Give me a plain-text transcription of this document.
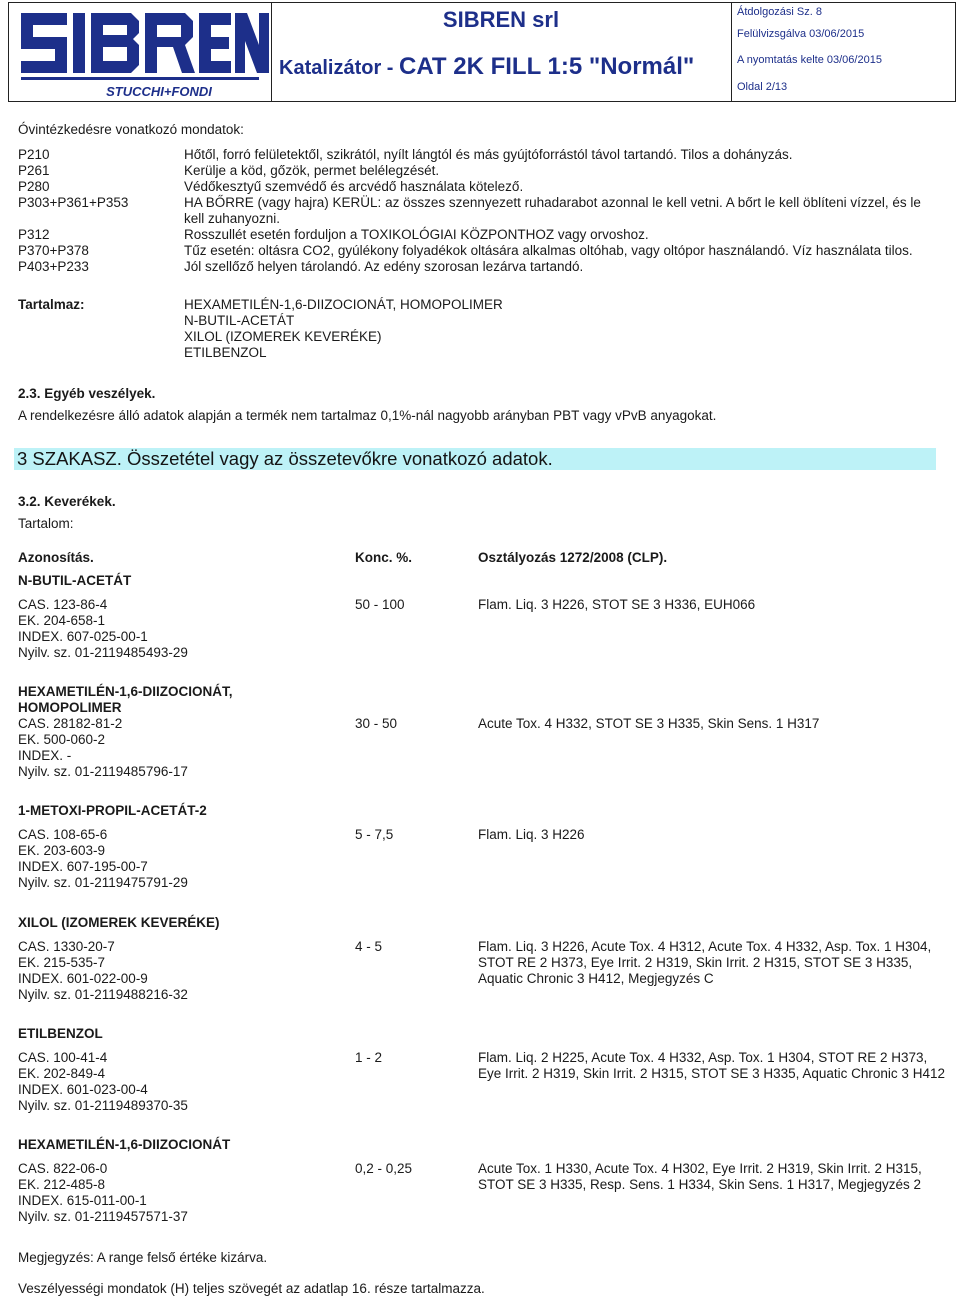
STUCCHI+FONDI
SIBREN srl
Katalizátor - CAT 2K FILL 1:5 "Normál"
Átdolgozási Sz. 8
Felülvizsgálva 03/06/2015
A nyomtatás kelte 03/06/2015
Oldal 2/13
Óvintézkedésre vonatkozó mondatok:
P210	Hőtől, forró felületektől, szikrától, nyílt lángtól és más gyújtóforrástól távol tartandó. Tilos a dohányzás.
P261	Kerülje a köd, gőzök, permet belélegzését.
P280	Védőkesztyű szemvédő és arcvédő használata kötelező.
P303+P361+P353	HA BŐRRE (vagy hajra) KERÜL: az összes szennyezett ruhadarabot azonnal le kell vetni. A bőrt le kell öblíteni vízzel, és le kell zuhanyozni.
P312	Rosszullét esetén forduljon a TOXIKOLÓGIAI KÖZPONTHOZ vagy orvoshoz.
P370+P378	Tűz esetén: oltásra CO2, gyúlékony folyadékok oltására alkalmas oltóhab, vagy oltópor használandó. Víz használata tilos.
P403+P233	Jól szellőző helyen tárolandó. Az edény szorosan lezárva tartandó.
Tartalmaz:	HEXAMETILÉN-1,6-DIIZOCIONÁT, HOMOPOLIMER
N-BUTIL-ACETÁT
XILOL (IZOMEREK KEVERÉKE)
ETILBENZOL
2.3. Egyéb veszélyek.
A rendelkezésre álló adatok alapján a termék nem tartalmaz 0,1%-nál nagyobb arányban PBT vagy vPvB anyagokat.
3 SZAKASZ. Összetétel vagy az összetevőkre vonatkozó adatok.
3.2. Keverékek.
Tartalom:
Azonosítás.	Konc. %.	Osztályozás 1272/2008 (CLP).
N-BUTIL-ACETÁT
CAS. 123-86-4
EK. 204-658-1
INDEX. 607-025-00-1
Nyilv. sz. 01-2119485493-29
50 - 100	Flam. Liq. 3 H226, STOT SE 3 H336, EUH066
HEXAMETILÉN-1,6-DIIZOCIONÁT,
HOMOPOLIMER
CAS. 28182-81-2
EK. 500-060-2
INDEX. -
Nyilv. sz. 01-2119485796-17
30 - 50	Acute Tox. 4 H332, STOT SE 3 H335, Skin Sens. 1 H317
1-METOXI-PROPIL-ACETÁT-2
CAS. 108-65-6
EK. 203-603-9
INDEX. 607-195-00-7
Nyilv. sz. 01-2119475791-29
5 - 7,5	Flam. Liq. 3 H226
XILOL (IZOMEREK KEVERÉKE)
CAS. 1330-20-7
EK. 215-535-7
INDEX. 601-022-00-9
Nyilv. sz. 01-2119488216-32
4 - 5	Flam. Liq. 3 H226, Acute Tox. 4 H312, Acute Tox. 4 H332, Asp. Tox. 1 H304, STOT RE 2 H373, Eye Irrit. 2 H319, Skin Irrit. 2 H315, STOT SE 3 H335, Aquatic Chronic 3 H412, Megjegyzés C
ETILBENZOL
CAS. 100-41-4
EK. 202-849-4
INDEX. 601-023-00-4
Nyilv. sz. 01-2119489370-35
1 - 2	Flam. Liq. 2 H225, Acute Tox. 4 H332, Asp. Tox. 1 H304, STOT RE 2 H373, Eye Irrit. 2 H319, Skin Irrit. 2 H315, STOT SE 3 H335, Aquatic Chronic 3 H412
HEXAMETILÉN-1,6-DIIZOCIONÁT
CAS. 822-06-0
EK. 212-485-8
INDEX. 615-011-00-1
Nyilv. sz. 01-2119457571-37
0,2 - 0,25	Acute Tox. 1 H330, Acute Tox. 4 H302, Eye Irrit. 2 H319, Skin Irrit. 2 H315, STOT SE 3 H335, Resp. Sens. 1 H334, Skin Sens. 1 H317, Megjegyzés 2
Megjegyzés: A range felső értéke kizárva.
Veszélyességi mondatok (H) teljes szövegét az adatlap 16. része tartalmazza.
